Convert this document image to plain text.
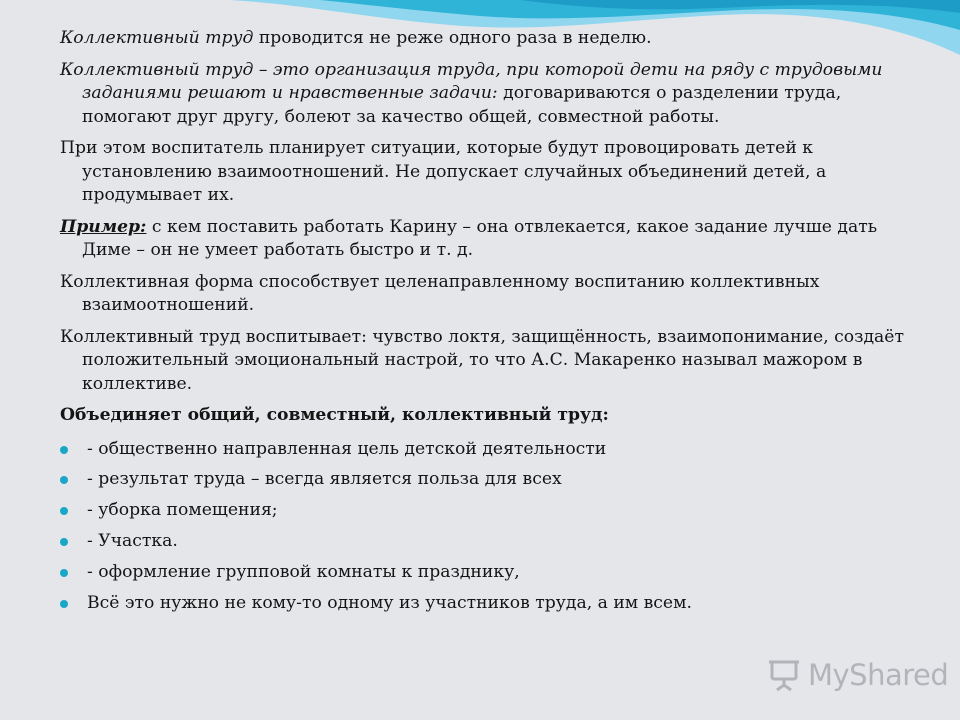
Коллективный труд проводится не реже одного раза в неделю.

Коллективный труд – это организация труда, при которой дети на ряду с трудовыми заданиями решают и нравственные задачи: договариваются о разделении труда, помогают друг другу, болеют за качество общей, совместной работы.

При этом воспитатель планирует ситуации, которые будут провоцировать детей к установлению взаимоотношений. Не допускает случайных объединений детей, а продумывает их.

Пример: с кем поставить работать Карину – она отвлекается, какое задание лучше дать Диме – он не умеет работать быстро и т. д.

Коллективная форма способствует целенаправленному воспитанию коллективных взаимоотношений.

Коллективный труд воспитывает: чувство локтя, защищённость, взаимопонимание, создаёт положительный эмоциональный настрой, то что А.С. Макаренко называл мажором в коллективе.

Объединяет общий, совместный, коллективный труд:

- общественно направленная цель детской деятельности
- результат труда – всегда является польза для всех
- уборка помещения;
- Участка.
- оформление групповой комнаты к празднику,
Всё это нужно не кому-то одному из участников труда, а им всем.
MyShared
